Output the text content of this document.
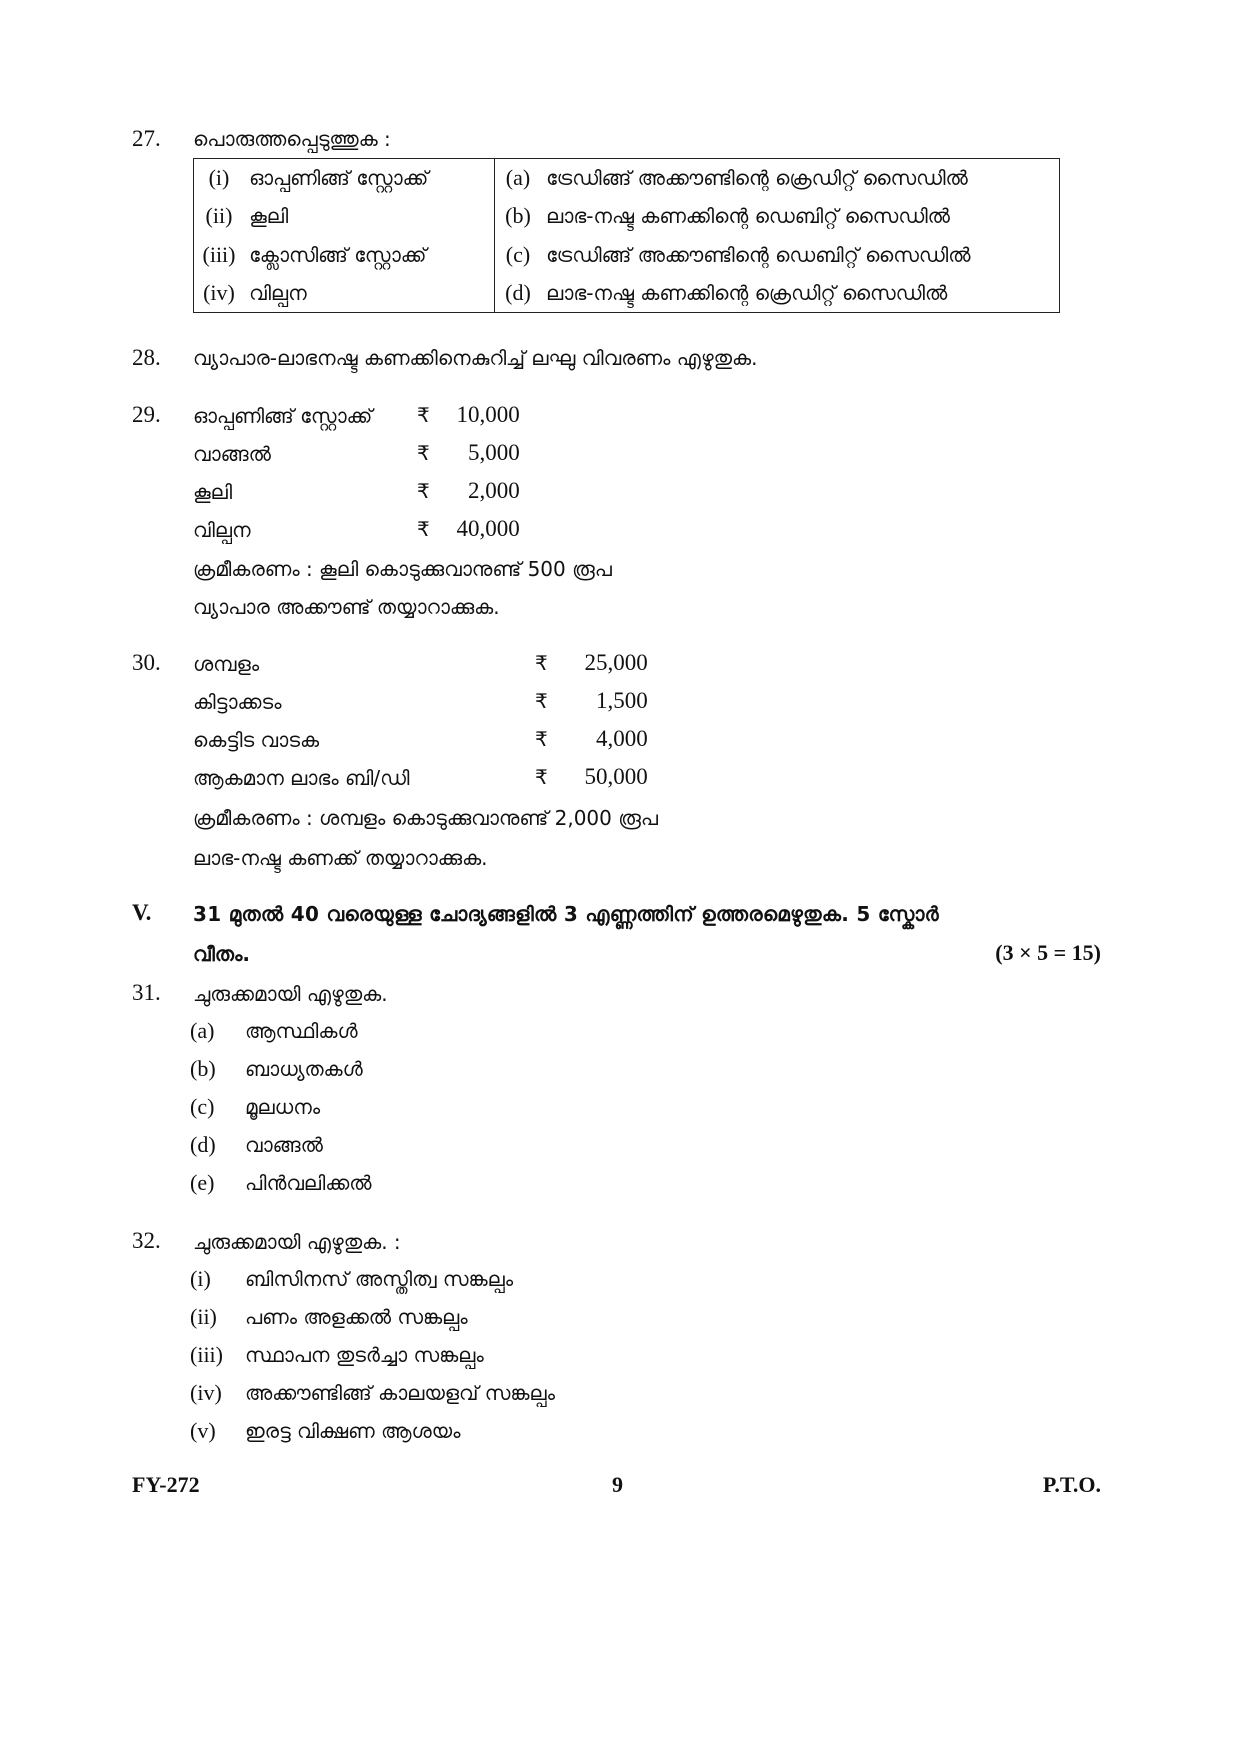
27. പൊരുത്തപ്പെടുത്തുക :
(i) ഓപ്പണിങ്ങ് സ്റ്റോക്ക്	(a) ട്രേഡിങ്ങ് അക്കൗണ്ടിന്റെ ക്രെഡിറ്റ് സൈഡിൽ
(ii) കൂലി	(b) ലാഭ-നഷ്ട കണക്കിന്റെ ഡെബിറ്റ് സൈഡിൽ
(iii) ക്ലോസിങ്ങ് സ്റ്റോക്ക്	(c) ട്രേഡിങ്ങ് അക്കൗണ്ടിന്റെ ഡെബിറ്റ് സൈഡിൽ
(iv) വില്പന	(d) ലാഭ-നഷ്ട കണക്കിന്റെ ക്രെഡിറ്റ് സൈഡിൽ
28. വ്യാപാര-ലാഭനഷ്ട കണക്കിനെകുറിച്ച് ലഘു വിവരണം എഴുതുക.
29. ഓപ്പണിങ്ങ് സ്റ്റോക്ക് ₹ 10,000
വാങ്ങൽ	₹ 5,000
കൂലി	₹ 2,000
വില്പന	₹ 40,000
ക്രമീകരണം : കൂലി കൊടുക്കുവാനുണ്ട് 500 രൂപ
വ്യാപാര അക്കൗണ്ട് തയ്യാറാക്കുക.
30. ശമ്പളം	₹ 25,000
കിട്ടാക്കടം	₹ 1,500
കെട്ടിട വാടക	₹ 4,000
ആകമാന ലാഭം ബി/ഡി	₹ 50,000
ക്രമീകരണം : ശമ്പളം കൊടുക്കുവാനുണ്ട് 2,000 രൂപ
ലാഭ-നഷ്ട കണക്ക് തയ്യാറാക്കുക.
V. 31 മുതൽ 40 വരെയുള്ള ചോദ്യങ്ങളിൽ 3 എണ്ണത്തിന് ഉത്തരമെഴുതുക. 5 സ്കോർ
വീതം.	(3 × 5 = 15)
31. ചുരുക്കമായി എഴുതുക.
(a) ആസ്ഥികൾ
(b) ബാധ്യതകൾ
(c) മൂലധനം
(d) വാങ്ങൽ
(e) പിൻവലിക്കൽ
32. ചുരുക്കമായി എഴുതുക. :
(i) ബിസിനസ് അസ്തിത്വ സങ്കല്പം
(ii) പണം അളക്കൽ സങ്കല്പം
(iii) സ്ഥാപന തുടർച്ചാ സങ്കല്പം
(iv) അക്കൗണ്ടിങ്ങ് കാലയളവ് സങ്കല്പം
(v) ഇരട്ട വിക്ഷണ ആശയം
FY-272	9	P.T.O.
